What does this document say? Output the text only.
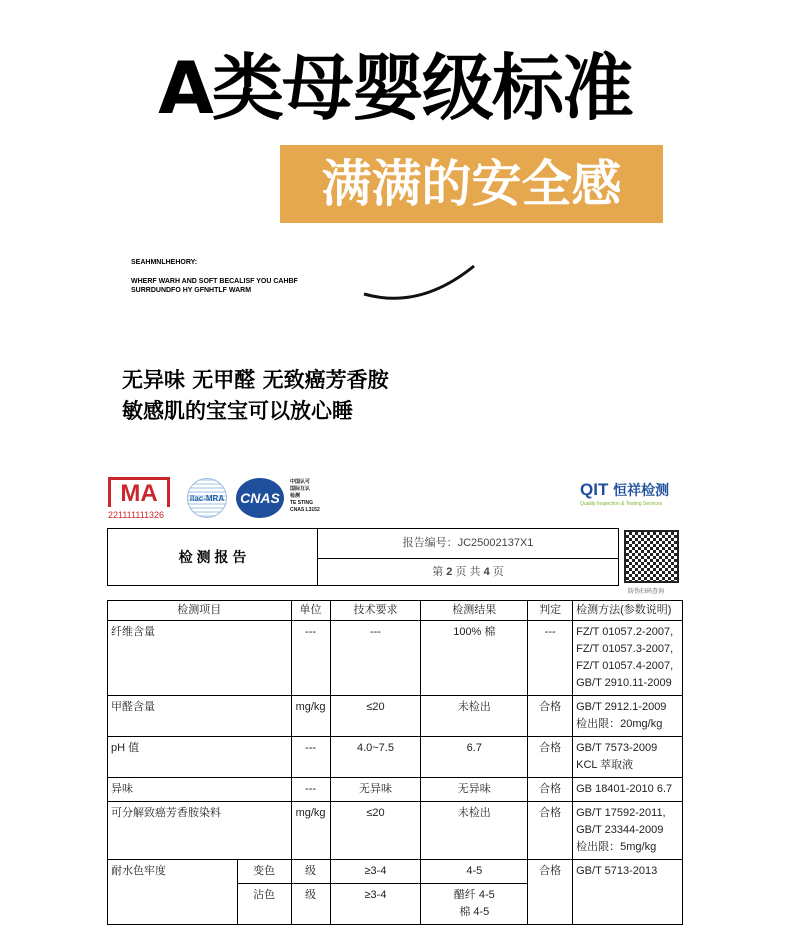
A类母婴级标准
满满的安全感
SEAHMNLHEHORY:
WHERF WARH AND SOFT BECALISF YOU CAHBF
SURRDUNDFO HY GFNHTLF WARM
无异味 无甲醛 无致癌芳香胺
敏感肌的宝宝可以放心睡
MA
221111111326
ilac-MRA CNAS
中国认可
国际互认
检测
TE STING
CNAS L3152
QIT 恒祥检测
Quality Inspection & Testing Services
检 测 报 告	报告编号：JC25002137X1
第 2 页 共 4 页
防伪扫码查询
检测项目		单位	技术要求	检测结果	判定	检测方法(参数说明)
纤维含量		---	---	100% 棉	---	FZ/T 01057.2-2007,
FZ/T 01057.3-2007,
FZ/T 01057.4-2007,
GB/T 2910.11-2009

甲醛含量		mg/kg	≤20	未检出	合格	GB/T 2912.1-2009
检出限：20mg/kg

pH 值		---	4.0~7.5	6.7	合格	GB/T 7573-2009
KCL 萃取液

异味		---	无异味	无异味	合格	GB 18401-2010 6.7

可分解致癌芳香胺染料		mg/kg	≤20	未检出	合格	GB/T 17592-2011,
GB/T 23344-2009
检出限：5mg/kg

耐水色牢度	变色	级	≥3-4	4-5	合格	GB/T 5713-2013
	沾色	级	≥3-4	醋纤 4-5
棉 4-5		
